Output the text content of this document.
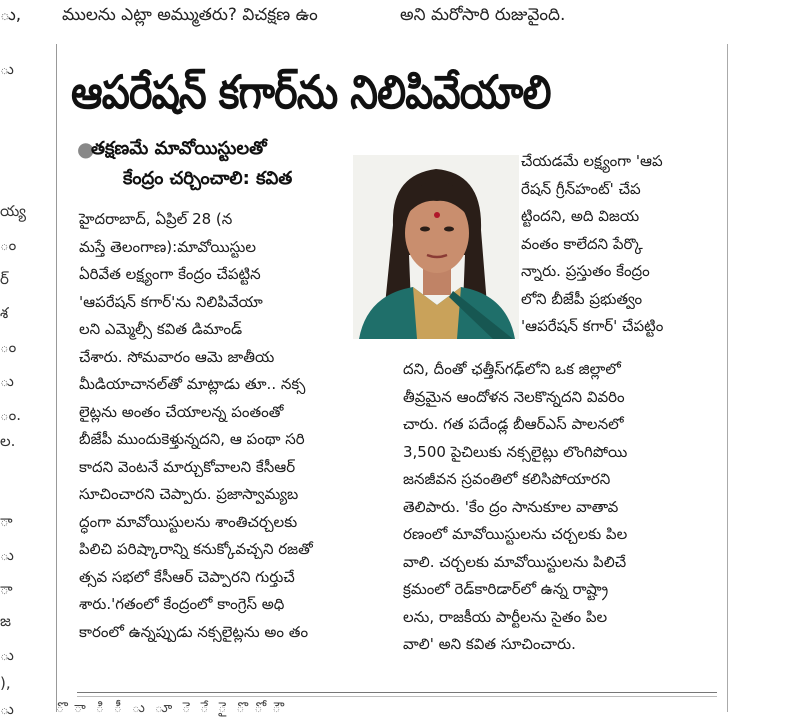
ు, ములను ఎట్లా అమ్ముతరు? విచక్షణ ఉం	అని మరోసారి రుజువైంది.
ు
య్య
ం
ర్
శ
ం
ు
ం.
ల.
ా
ు
ా
జ
ు
),
ు
ఆపరేషన్ కగార్‌ను నిలిపివేయాలి
●
తక్షణమే మావోయిస్టులతో
కేంద్రం చర్చించాలి: కవిత
హైదరాబాద్, ఏప్రిల్ 28 (న
మస్తే తెలంగాణ):మావోయిస్టుల
ఏరివేత లక్ష్యంగా కేంద్రం చేపట్టిన
'ఆపరేషన్ కగార్'ను నిలిపివేయా
లని ఎమ్మెల్సీ కవిత డిమాండ్
చేశారు. సోమవారం ఆమె జాతీయ
మీడియాచానల్‌తో మాట్లాడు తూ.. నక్స
లైట్లను అంతం చేయాలన్న పంతంతో
బీజేపీ ముందుకెళ్తున్నదని, ఆ పంథా సరి
కాదని వెంటనే మార్చుకోవాలని కేసీఆర్
సూచించారని చెప్పారు. ప్రజాస్వామ్యబ
ద్ధంగా మావోయిస్టులను శాంతిచర్చలకు
పిలిచి పరిష్కారాన్ని కనుక్కోవచ్చని రజతో
త్సవ సభలో కేసీఆర్ చెప్పారని గుర్తుచే
శారు.'గతంలో కేంద్రంలో కాంగ్రెస్ అధి
కారంలో ఉన్నప్పుడు నక్సలైట్లను అం తం
చేయడమే లక్ష్యంగా 'ఆప
రేషన్ గ్రీన్‌హంట్' చేప
ట్టిందని, అది విజయ
వంతం కాలేదని పేర్కొ
న్నారు. ప్రస్తుతం కేంద్రం
లోని బీజేపీ ప్రభుత్వం
'ఆపరేషన్ కగార్' చేపట్టిం
దని, దీంతో ఛత్తీస్‌గఢ్‌లోని ఒక జిల్లాలో
తీవ్రమైన ఆందోళన నెలకొన్నదని వివరిం
చారు. గత పదేండ్ల బీఆర్ఎస్ పాలనలో
3,500 పైచిలుకు నక్సలైట్లు లొంగిపోయి
జనజీవన స్రవంతిలో కలిసిపోయారని
తెలిపారు. 'కేం ద్రం సానుకూల వాతావ
రణంలో మావోయిస్టులను చర్చలకు పిల
వాలి. చర్చలకు మావోయిస్టులను పిలిచే
క్రమంలో రెడ్‌కారిడార్‌లో ఉన్న రాష్ట్రా
లను, రాజకీయ పార్టీలను సైతం పిల
వాలి' అని కవిత సూచించారు.
ొ ా ి ీ ు ూ ె ే ై ొ ో ౌ
